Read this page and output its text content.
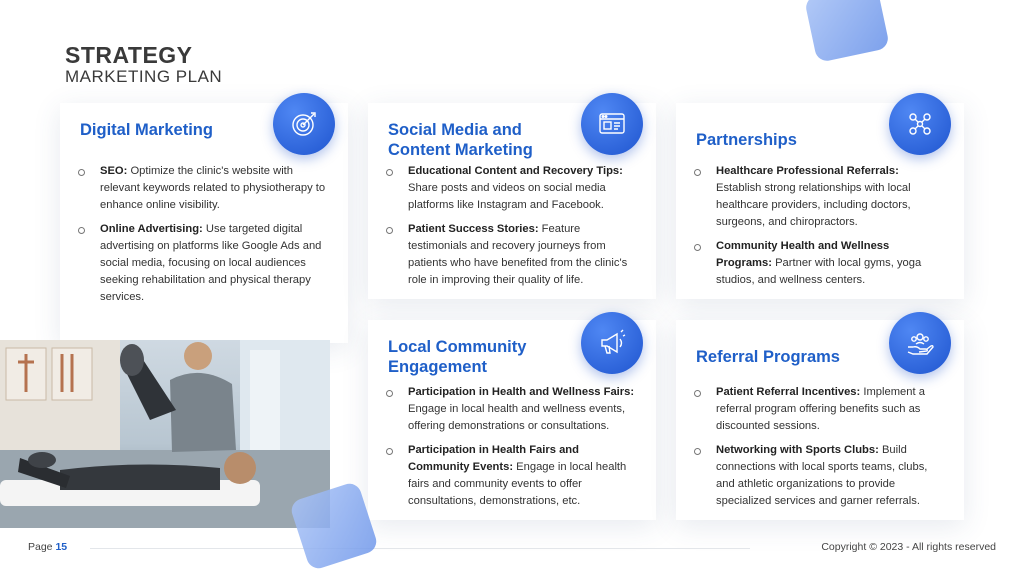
STRATEGY
MARKETING PLAN
Digital Marketing
SEO: Optimize the clinic's website with relevant keywords related to physiotherapy to enhance online visibility.
Online Advertising: Use targeted digital advertising on platforms like Google Ads and social media, focusing on local audiences seeking rehabilitation and physical therapy services.
Social Media and Content Marketing
Educational Content and Recovery Tips: Share posts and videos on social media platforms like Instagram and Facebook.
Patient Success Stories: Feature testimonials and recovery journeys from patients who have benefited from the clinic's role in improving their quality of life.
Partnerships
Healthcare Professional Referrals: Establish strong relationships with local healthcare providers, including doctors, surgeons, and chiropractors.
Community Health and Wellness Programs: Partner with local gyms, yoga studios, and wellness centers.
Local Community Engagement
Participation in Health and Wellness Fairs: Engage in local health and wellness events, offering demonstrations or consultations.
Participation in Health Fairs and Community Events: Engage in local health fairs and community events to offer consultations, demonstrations, etc.
Referral Programs
Patient Referral Incentives: Implement a referral program offering benefits such as discounted sessions.
Networking with Sports Clubs: Build connections with local sports teams, clubs, and athletic organizations to provide specialized services and garner referrals.
Page 15	Copyright © 2023 - All rights reserved
